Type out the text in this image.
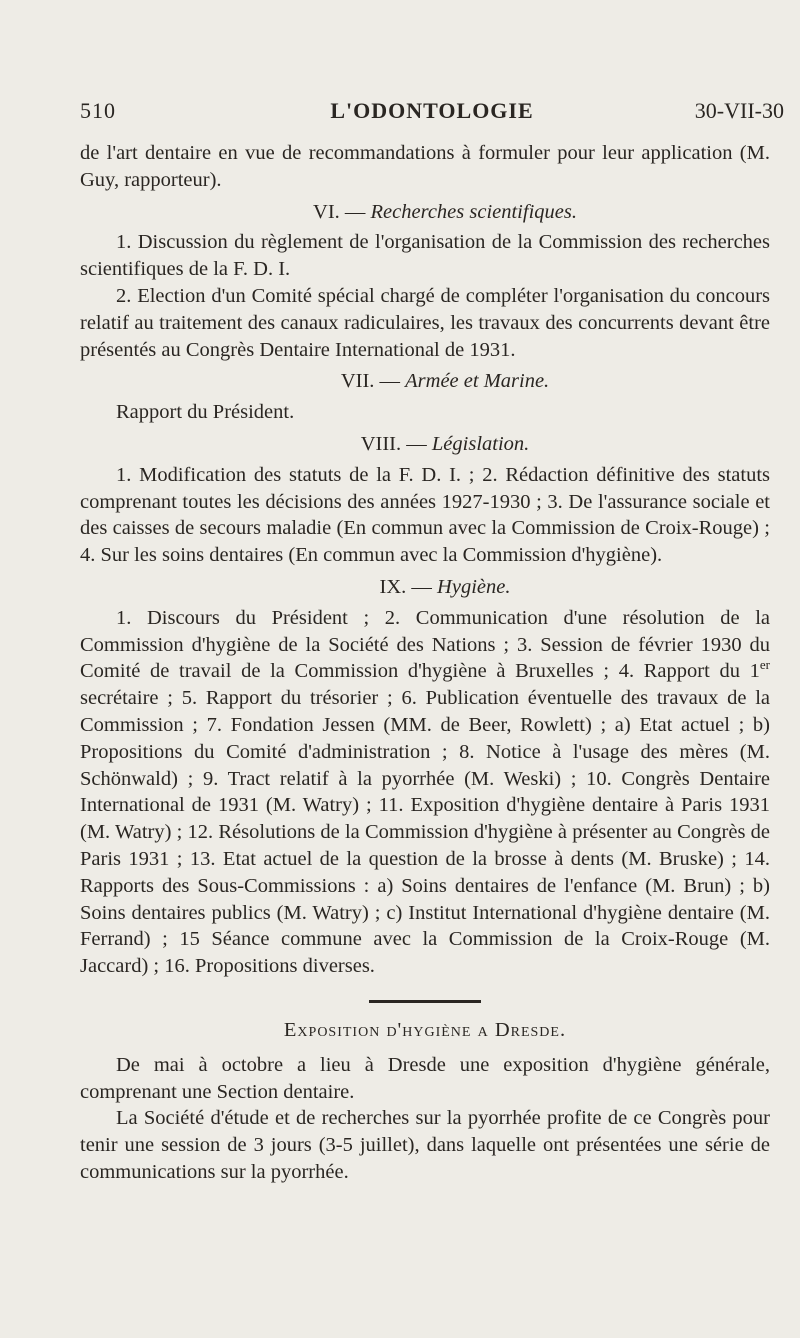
510	L'ODONTOLOGIE	30-VII-30

de l'art dentaire en vue de recommandations à formuler pour leur application (M. Guy, rapporteur).

VI. — Recherches scientifiques.

1. Discussion du règlement de l'organisation de la Commission des recherches scientifiques de la F. D. I.

2. Election d'un Comité spécial chargé de compléter l'organisation du concours relatif au traitement des canaux radiculaires, les travaux des concurrents devant être présentés au Congrès Dentaire International de 1931.

VII. — Armée et Marine.

Rapport du Président.

VIII. — Législation.

1. Modification des statuts de la F. D. I. ; 2. Rédaction définitive des statuts comprenant toutes les décisions des années 1927-1930 ; 3. De l'assurance sociale et des caisses de secours maladie (En commun avec la Commission de Croix-Rouge) ; 4. Sur les soins dentaires (En commun avec la Commission d'hygiène).

IX. — Hygiène.

1. Discours du Président ; 2. Communication d'une résolution de la Commission d'hygiène de la Société des Nations ; 3. Session de février 1930 du Comité de travail de la Commission d'hygiène à Bruxelles ; 4. Rapport du 1er secrétaire ; 5. Rapport du trésorier ; 6. Publication éventuelle des travaux de la Commission ; 7. Fondation Jessen (MM. de Beer, Rowlett) ; a) Etat actuel ; b) Propositions du Comité d'administration ; 8. Notice à l'usage des mères (M. Schönwald) ; 9. Tract relatif à la pyorrhée (M. Weski) ; 10. Congrès Dentaire International de 1931 (M. Watry) ; 11. Exposition d'hygiène dentaire à Paris 1931 (M. Watry) ; 12. Résolutions de la Commission d'hygiène à présenter au Congrès de Paris 1931 ; 13. Etat actuel de la question de la brosse à dents (M. Bruske) ; 14. Rapports des Sous-Commissions : a) Soins dentaires de l'enfance (M. Brun) ; b) Soins dentaires publics (M. Watry) ; c) Institut International d'hygiène dentaire (M. Ferrand) ; 15 Séance commune avec la Commission de la Croix-Rouge (M. Jaccard) ; 16. Propositions diverses.

Exposition d'hygiène a Dresde.

De mai à octobre a lieu à Dresde une exposition d'hygiène générale, comprenant une Section dentaire.

La Société d'étude et de recherches sur la pyorrhée profite de ce Congrès pour tenir une session de 3 jours (3-5 juillet), dans laquelle ont présentées une série de communications sur la pyorrhée.
